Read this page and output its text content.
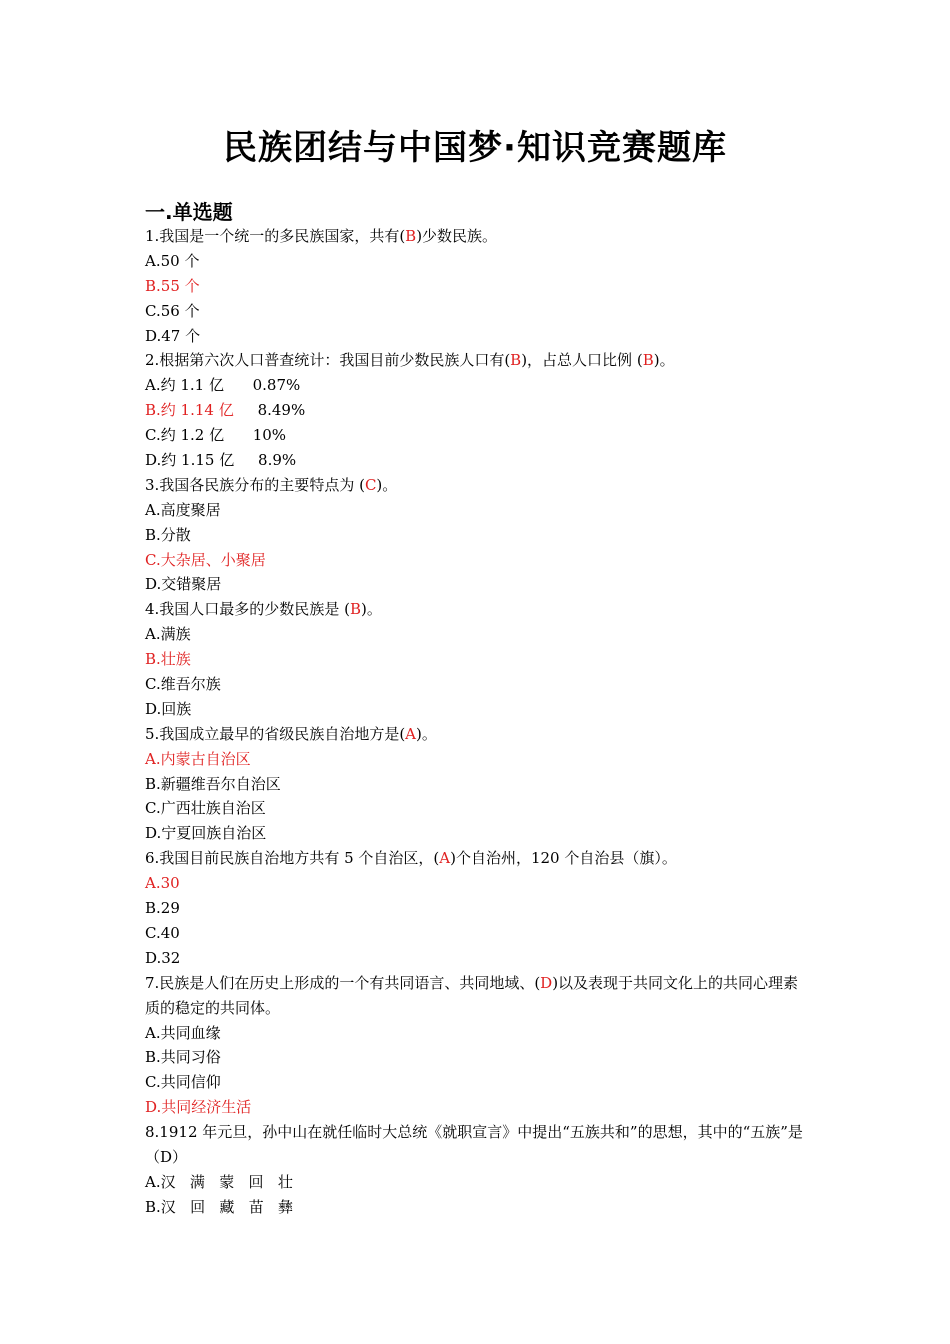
民族团结与中国梦·知识竞赛题库
一.单选题
1.我国是一个统一的多民族国家，共有(B)少数民族。
A.50 个
B.55 个
C.56 个
D.47 个
2.根据第六次人口普查统计：我国目前少数民族人口有(B)，占总人口比例 (B)。
A.约 1.1 亿      0.87%
B.约 1.14 亿     8.49%
C.约 1.2 亿      10%
D.约 1.15 亿     8.9%
3.我国各民族分布的主要特点为 (C)。
A.高度聚居
B.分散
C.大杂居、小聚居
D.交错聚居
4.我国人口最多的少数民族是 (B)。
A.满族
B.壮族
C.维吾尔族
D.回族
5.我国成立最早的省级民族自治地方是(A)。
A.内蒙古自治区
B.新疆维吾尔自治区
C.广西壮族自治区
D.宁夏回族自治区
6.我国目前民族自治地方共有 5 个自治区，(A)个自治州，120 个自治县（旗）。
A.30
B.29
C.40
D.32
7.民族是人们在历史上形成的一个有共同语言、共同地域、(D)以及表现于共同文化上的共同心理素质的稳定的共同体。
A.共同血缘
B.共同习俗
C.共同信仰
D.共同经济生活
8.1912 年元旦，孙中山在就任临时大总统《就职宣言》中提出“五族共和”的思想，其中的“五族”是（D）
A.汉   满   蒙   回   壮
B.汉   回   藏   苗   彝
